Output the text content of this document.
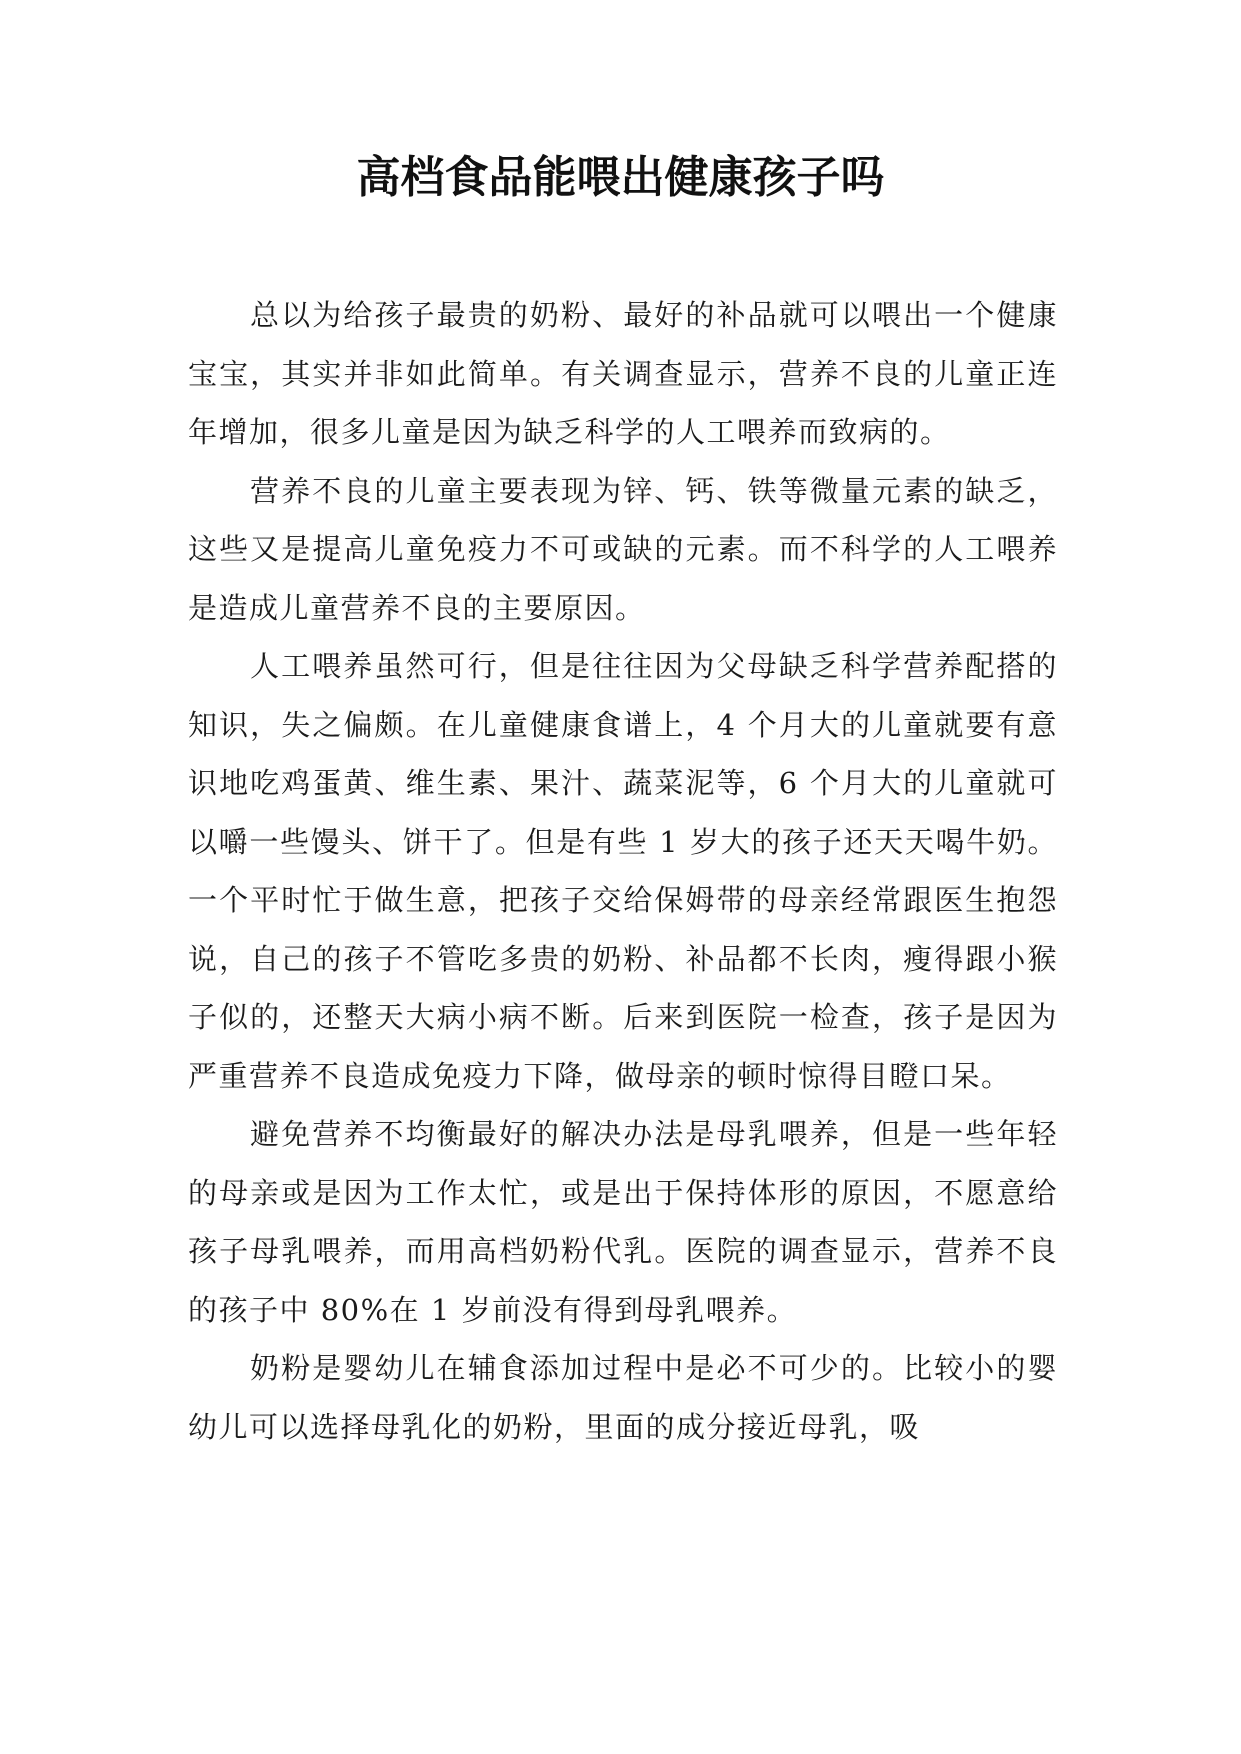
高档食品能喂出健康孩子吗

总以为给孩子最贵的奶粉、最好的补品就可以喂出一个健康宝宝，其实并非如此简单。有关调查显示，营养不良的儿童正连年增加，很多儿童是因为缺乏科学的人工喂养而致病的。

营养不良的儿童主要表现为锌、钙、铁等微量元素的缺乏，这些又是提高儿童免疫力不可或缺的元素。而不科学的人工喂养是造成儿童营养不良的主要原因。

人工喂养虽然可行，但是往往因为父母缺乏科学营养配搭的知识，失之偏颇。在儿童健康食谱上，4 个月大的儿童就要有意识地吃鸡蛋黄、维生素、果汁、蔬菜泥等，6 个月大的儿童就可以嚼一些馒头、饼干了。但是有些 1 岁大的孩子还天天喝牛奶。一个平时忙于做生意，把孩子交给保姆带的母亲经常跟医生抱怨说，自己的孩子不管吃多贵的奶粉、补品都不长肉，瘦得跟小猴子似的，还整天大病小病不断。后来到医院一检查，孩子是因为严重营养不良造成免疫力下降，做母亲的顿时惊得目瞪口呆。

避免营养不均衡最好的解决办法是母乳喂养，但是一些年轻的母亲或是因为工作太忙，或是出于保持体形的原因，不愿意给孩子母乳喂养，而用高档奶粉代乳。医院的调查显示，营养不良的孩子中 80%在 1 岁前没有得到母乳喂养。

奶粉是婴幼儿在辅食添加过程中是必不可少的。比较小的婴幼儿可以选择母乳化的奶粉，里面的成分接近母乳，吸
